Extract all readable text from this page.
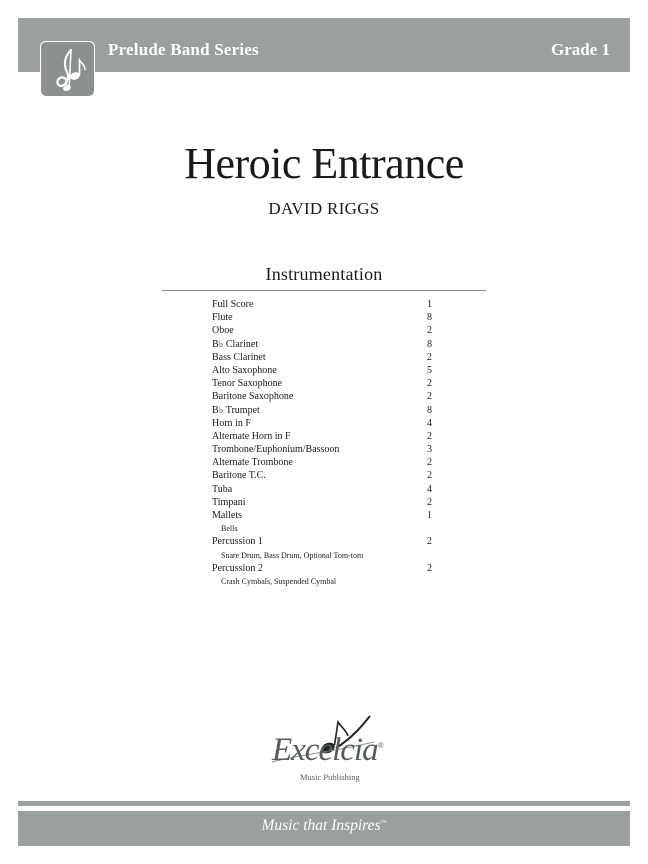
Prelude Band Series	Grade 1
Heroic Entrance
DAVID RIGGS
Instrumentation
Full Score	1
Flute	8
Oboe	2
B♭ Clarinet	8
Bass Clarinet	2
Alto Saxophone	5
Tenor Saxophone	2
Baritone Saxophone	2
B♭ Trumpet	8
Horn in F	4
Alternate Horn in F	2
Trombone/Euphonium/Bassoon	3
Alternate Trombone	2
Baritone T.C.	2
Tuba	4
Timpani	2
Mallets	1
Bells
Percussion 1	2
Snare Drum, Bass Drum, Optional Tom-tom
Percussion 2	2
Crash Cymbals, Suspended Cymbal
Excelcia®
Music Publishing
Music that Inspires™
